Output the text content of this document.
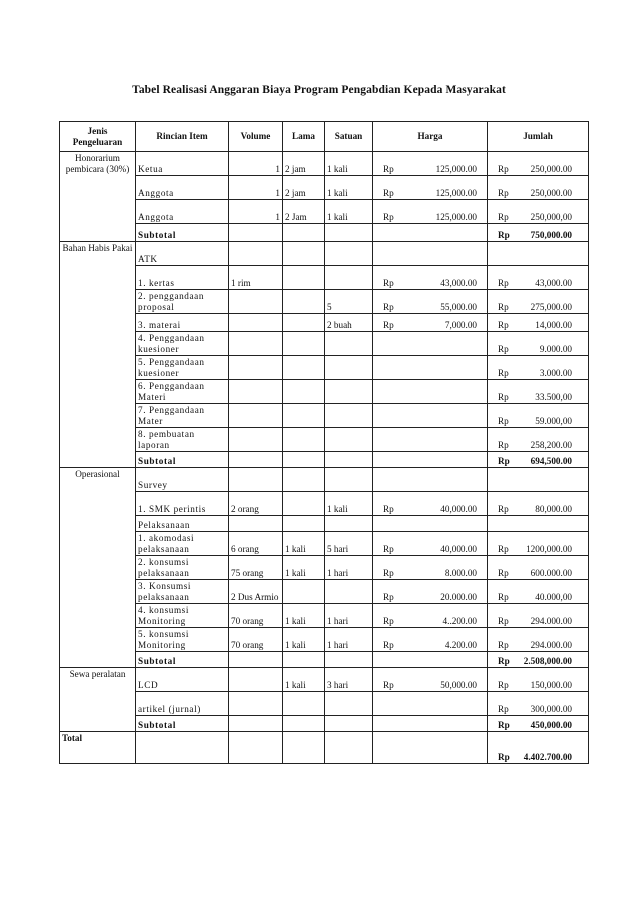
Tabel Realisasi Anggaran Biaya Program Pengabdian Kepada Masyarakat
Jenis Pengeluaran	Rincian Item	Volume	Lama	Satuan	Harga	Jumlah
Honorarium pembicara (30%)	Ketua	1	2 jam	1 kali	Rp 125,000.00	Rp 250,000.00

	Anggota	1	2 jam	1 kali	Rp 125,000.00	Rp 250,000.00

	Anggota	1	2 Jam	1 kali	Rp 125,000.00	Rp 250,000,00

	Subtotal					Rp 750,000.00

Bahan Habis Pakai	ATK				

	1. kertas	1 rim			Rp 43,000.00	Rp 43,000.00

	2. penggandaan proposal			5	Rp 55,000.00	Rp 275,000.00

	3. materai			2 buah	Rp 7,000.00	Rp 14,000.00

	4. Penggandaan kuesioner					Rp 9.000.00

	5. Penggandaan kuesioner					Rp 3.000.00

	6. Penggandaan Materi					Rp 33.500,00

	7. Penggandaan Mater					Rp 59.000,00

	8. pembuatan laporan					Rp 258,200.00

	Subtotal					Rp 694,500.00

Operasional	Survey				

	1. SMK perintis	2 orang		1 kali	Rp 40,000.00	Rp 80,000.00

	Pelaksanaan				

	1. akomodasi pelaksanaan	6 orang	1 kali	5 hari	Rp 40,000.00	Rp 1200,000.00

	2. konsumsi pelaksanaan	75 orang	1 kali	1 hari	Rp 8.000.00	Rp 600.000.00

	3. Konsumsi pelaksanaan	2 Dus Armio			Rp 20.000.00	Rp 40.000,00

	4. konsumsi Monitoring	70 orang	1 kali	1 hari	Rp 4..200.00	Rp 294.000.00

	5. konsumsi Monitoring	70 orang	1 kali	1 hari	Rp 4.200.00	Rp 294.000.00

	Subtotal					Rp 2.508,000.00

Sewa peralatan	LCD		1 kali	3 hari	Rp 50,000.00	Rp 150,000.00

	artikel (jurnal)					Rp 300,000.00

	Subtotal					Rp 450,000.00

Total						Rp 4.402.700.00
